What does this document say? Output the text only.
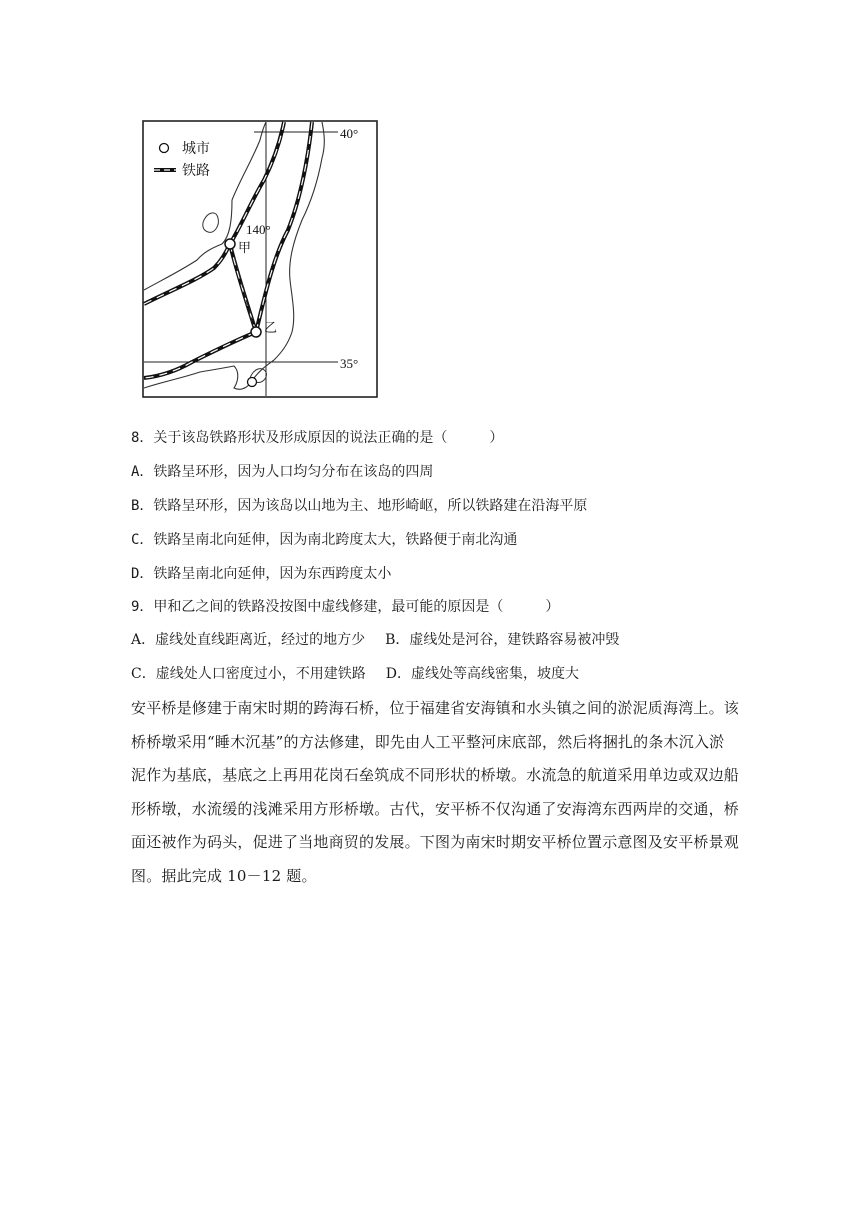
城市
铁路
40°
35°
140°
甲
乙
8．关于该岛铁路形状及形成原因的说法正确的是（　　　）
A．铁路呈环形，因为人口均匀分布在该岛的四周
B．铁路呈环形，因为该岛以山地为主、地形崎岖，所以铁路建在沿海平原
C．铁路呈南北向延伸，因为南北跨度太大，铁路便于南北沟通
D．铁路呈南北向延伸，因为东西跨度太小
9．甲和乙之间的铁路没按图中虚线修建，最可能的原因是（　　　）
A．虚线处直线距离近，经过的地方少 B．虚线处是河谷，建铁路容易被冲毁
C．虚线处人口密度过小，不用建铁路 D．虚线处等高线密集，坡度大

安平桥是修建于南宋时期的跨海石桥，位于福建省安海镇和水头镇之间的淤泥质海湾上。该

桥桥墩采用“睡木沉基”的方法修建，即先由人工平整河床底部，然后将捆扎的条木沉入淤

泥作为基底，基底之上再用花岗石垒筑成不同形状的桥墩。水流急的航道采用单边或双边船

形桥墩，水流缓的浅滩采用方形桥墩。古代，安平桥不仅沟通了安海湾东西两岸的交通，桥

面还被作为码头，促进了当地商贸的发展。下图为南宋时期安平桥位置示意图及安平桥景观

图。据此完成 10－12 题。
